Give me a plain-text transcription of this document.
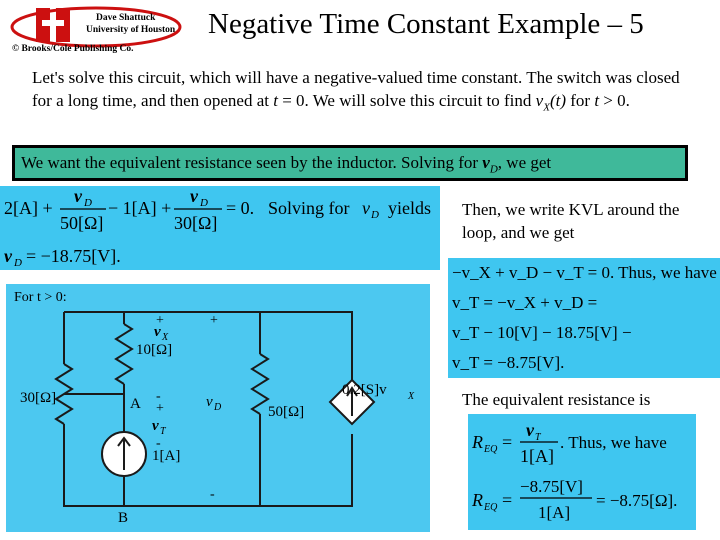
Dave Shattuck
University of Houston
© Brooks/Cole Publishing Co.
Negative Time Constant Example – 5
Let's solve this circuit, which will have a negative-valued time constant. The switch was closed for a long time, and then opened at t = 0. We will solve this circuit to find $v_X(t)$ for t > 0.
We want the equivalent resistance seen by the inductor. Solving for $v_D$, we get
2[A] +
v D
50[Ω]
− 1[A] +
v D
30[Ω]
= 0. Solving for v D yields
v D = −18.75[V].
Then, we write KVL around the loop, and we get
−v_X + v_D − v_T = 0. Thus, we have
v_T = −v_X + v_D =
v_T − 10[V] − 18.75[V] −
v_T = −8.75[V].
For t > 0:
10[Ω]
30[Ω]
50[Ω]
1[A]
0.2[S]v X
A
B
+
v X
-
+
v T
-
+
v D
-
The equivalent resistance is
R EQ =
v T
1[A]
. Thus, we have
R EQ =
−8.75[V]
1[A]
= −8.75[Ω].
